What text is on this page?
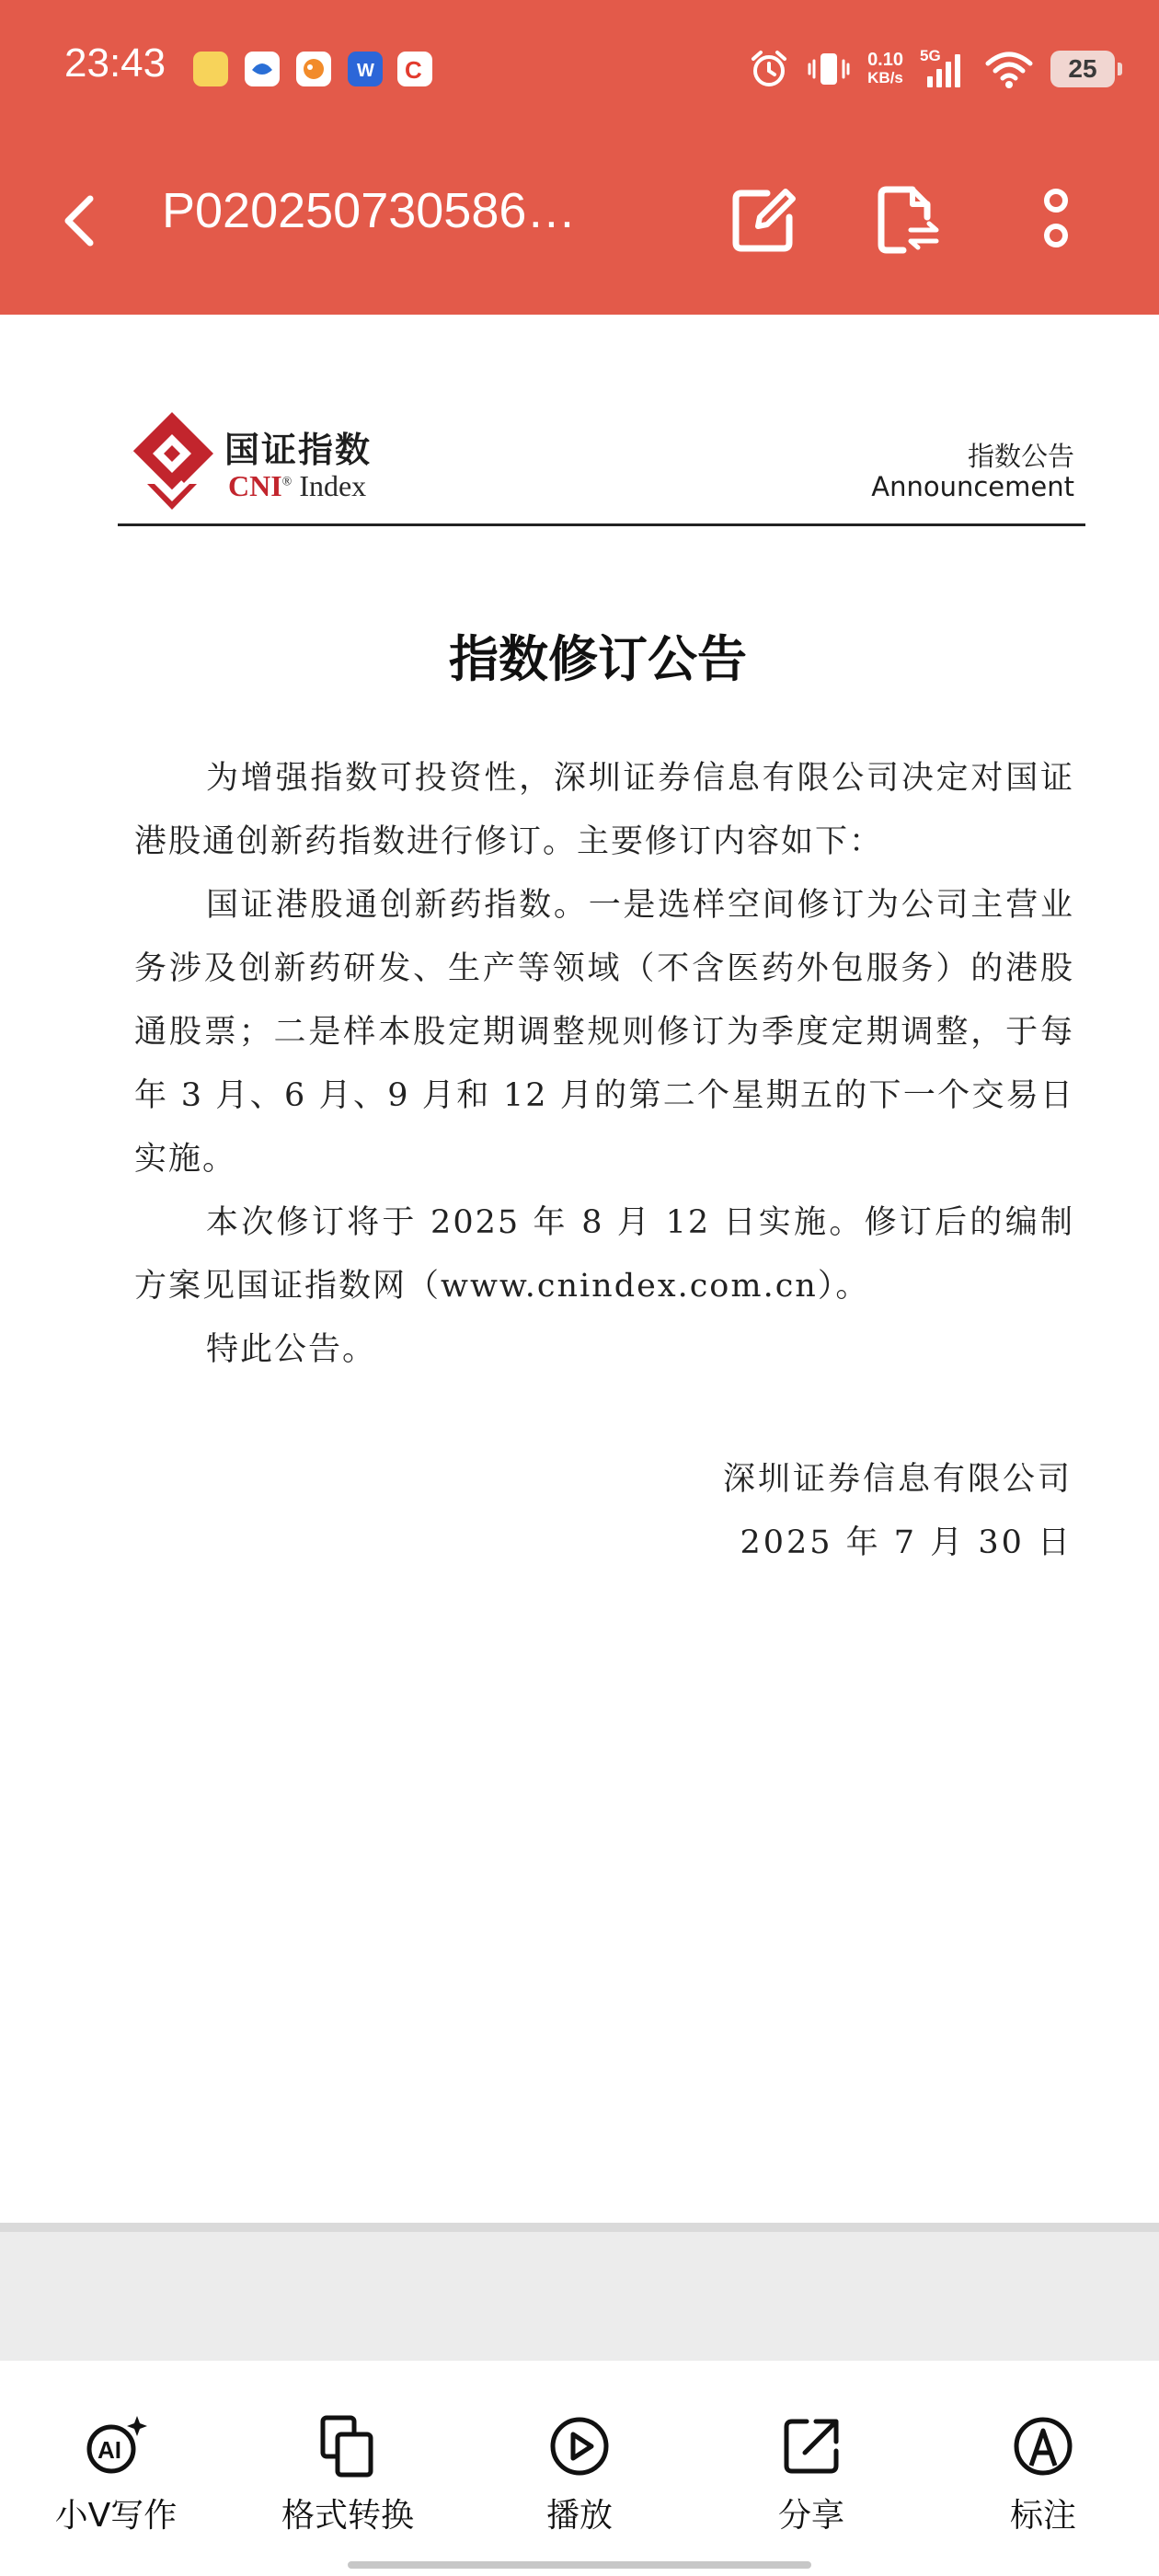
23:43	W C	0.10
KB/s
5G	25
P020250730586…
国证指数
CNI® Index
指数公告
Announcement
指数修订公告

为增强指数可投资性，深圳证券信息有限公司决定对国证港股通创新药指数进行修订。主要修订内容如下：

国证港股通创新药指数。一是选样空间修订为公司主营业务涉及创新药研发、生产等领域（不含医药外包服务）的港股通股票；二是样本股定期调整规则修订为季度定期调整，于每年 3 月、6 月、9 月和 12 月的第二个星期五的下一个交易日实施。

本次修订将于 2025 年 8 月 12 日实施。修订后的编制方案见国证指数网（www.cnindex.com.cn）。

特此公告。

深圳证券信息有限公司
2025 年 7 月 30 日
AI
小V写作	格式转换	播放	分享	标注
